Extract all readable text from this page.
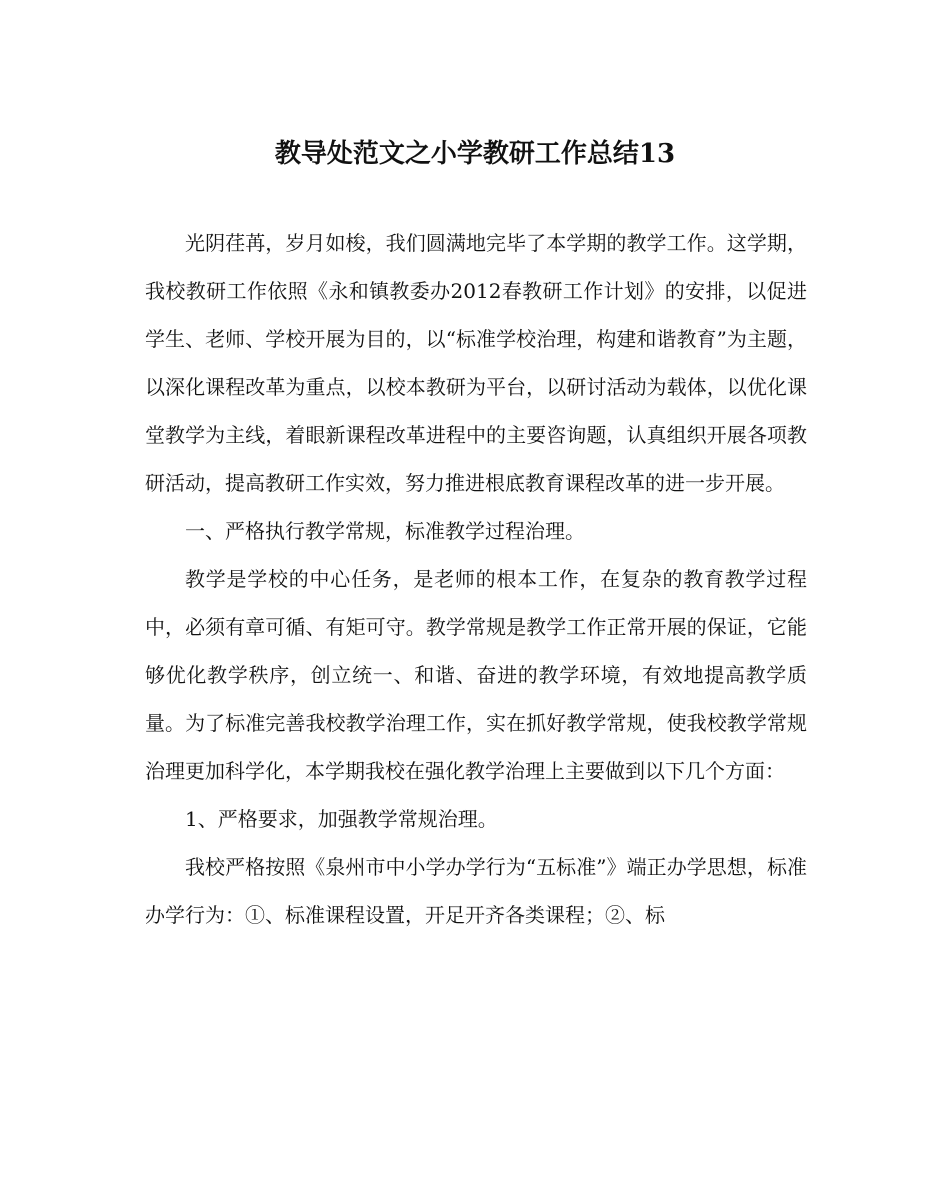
教导处范文之小学教研工作总结13

光阴荏苒，岁月如梭，我们圆满地完毕了本学期的教学工作。这学期，我校教研工作依照《永和镇教委办2012春教研工作计划》的安排，以促进学生、老师、学校开展为目的，以“标准学校治理，构建和谐教育”为主题，以深化课程改革为重点，以校本教研为平台，以研讨活动为载体，以优化课堂教学为主线，着眼新课程改革进程中的主要咨询题，认真组织开展各项教研活动，提高教研工作实效，努力推进根底教育课程改革的进一步开展。

一、严格执行教学常规，标准教学过程治理。

教学是学校的中心任务，是老师的根本工作，在复杂的教育教学过程中，必须有章可循、有矩可守。教学常规是教学工作正常开展的保证，它能够优化教学秩序，创立统一、和谐、奋进的教学环境，有效地提高教学质量。为了标准完善我校教学治理工作，实在抓好教学常规，使我校教学常规治理更加科学化，本学期我校在强化教学治理上主要做到以下几个方面：

1、严格要求，加强教学常规治理。

我校严格按照《泉州市中小学办学行为“五标准”》端正办学思想，标准办学行为：①、标准课程设置，开足开齐各类课程；②、标
